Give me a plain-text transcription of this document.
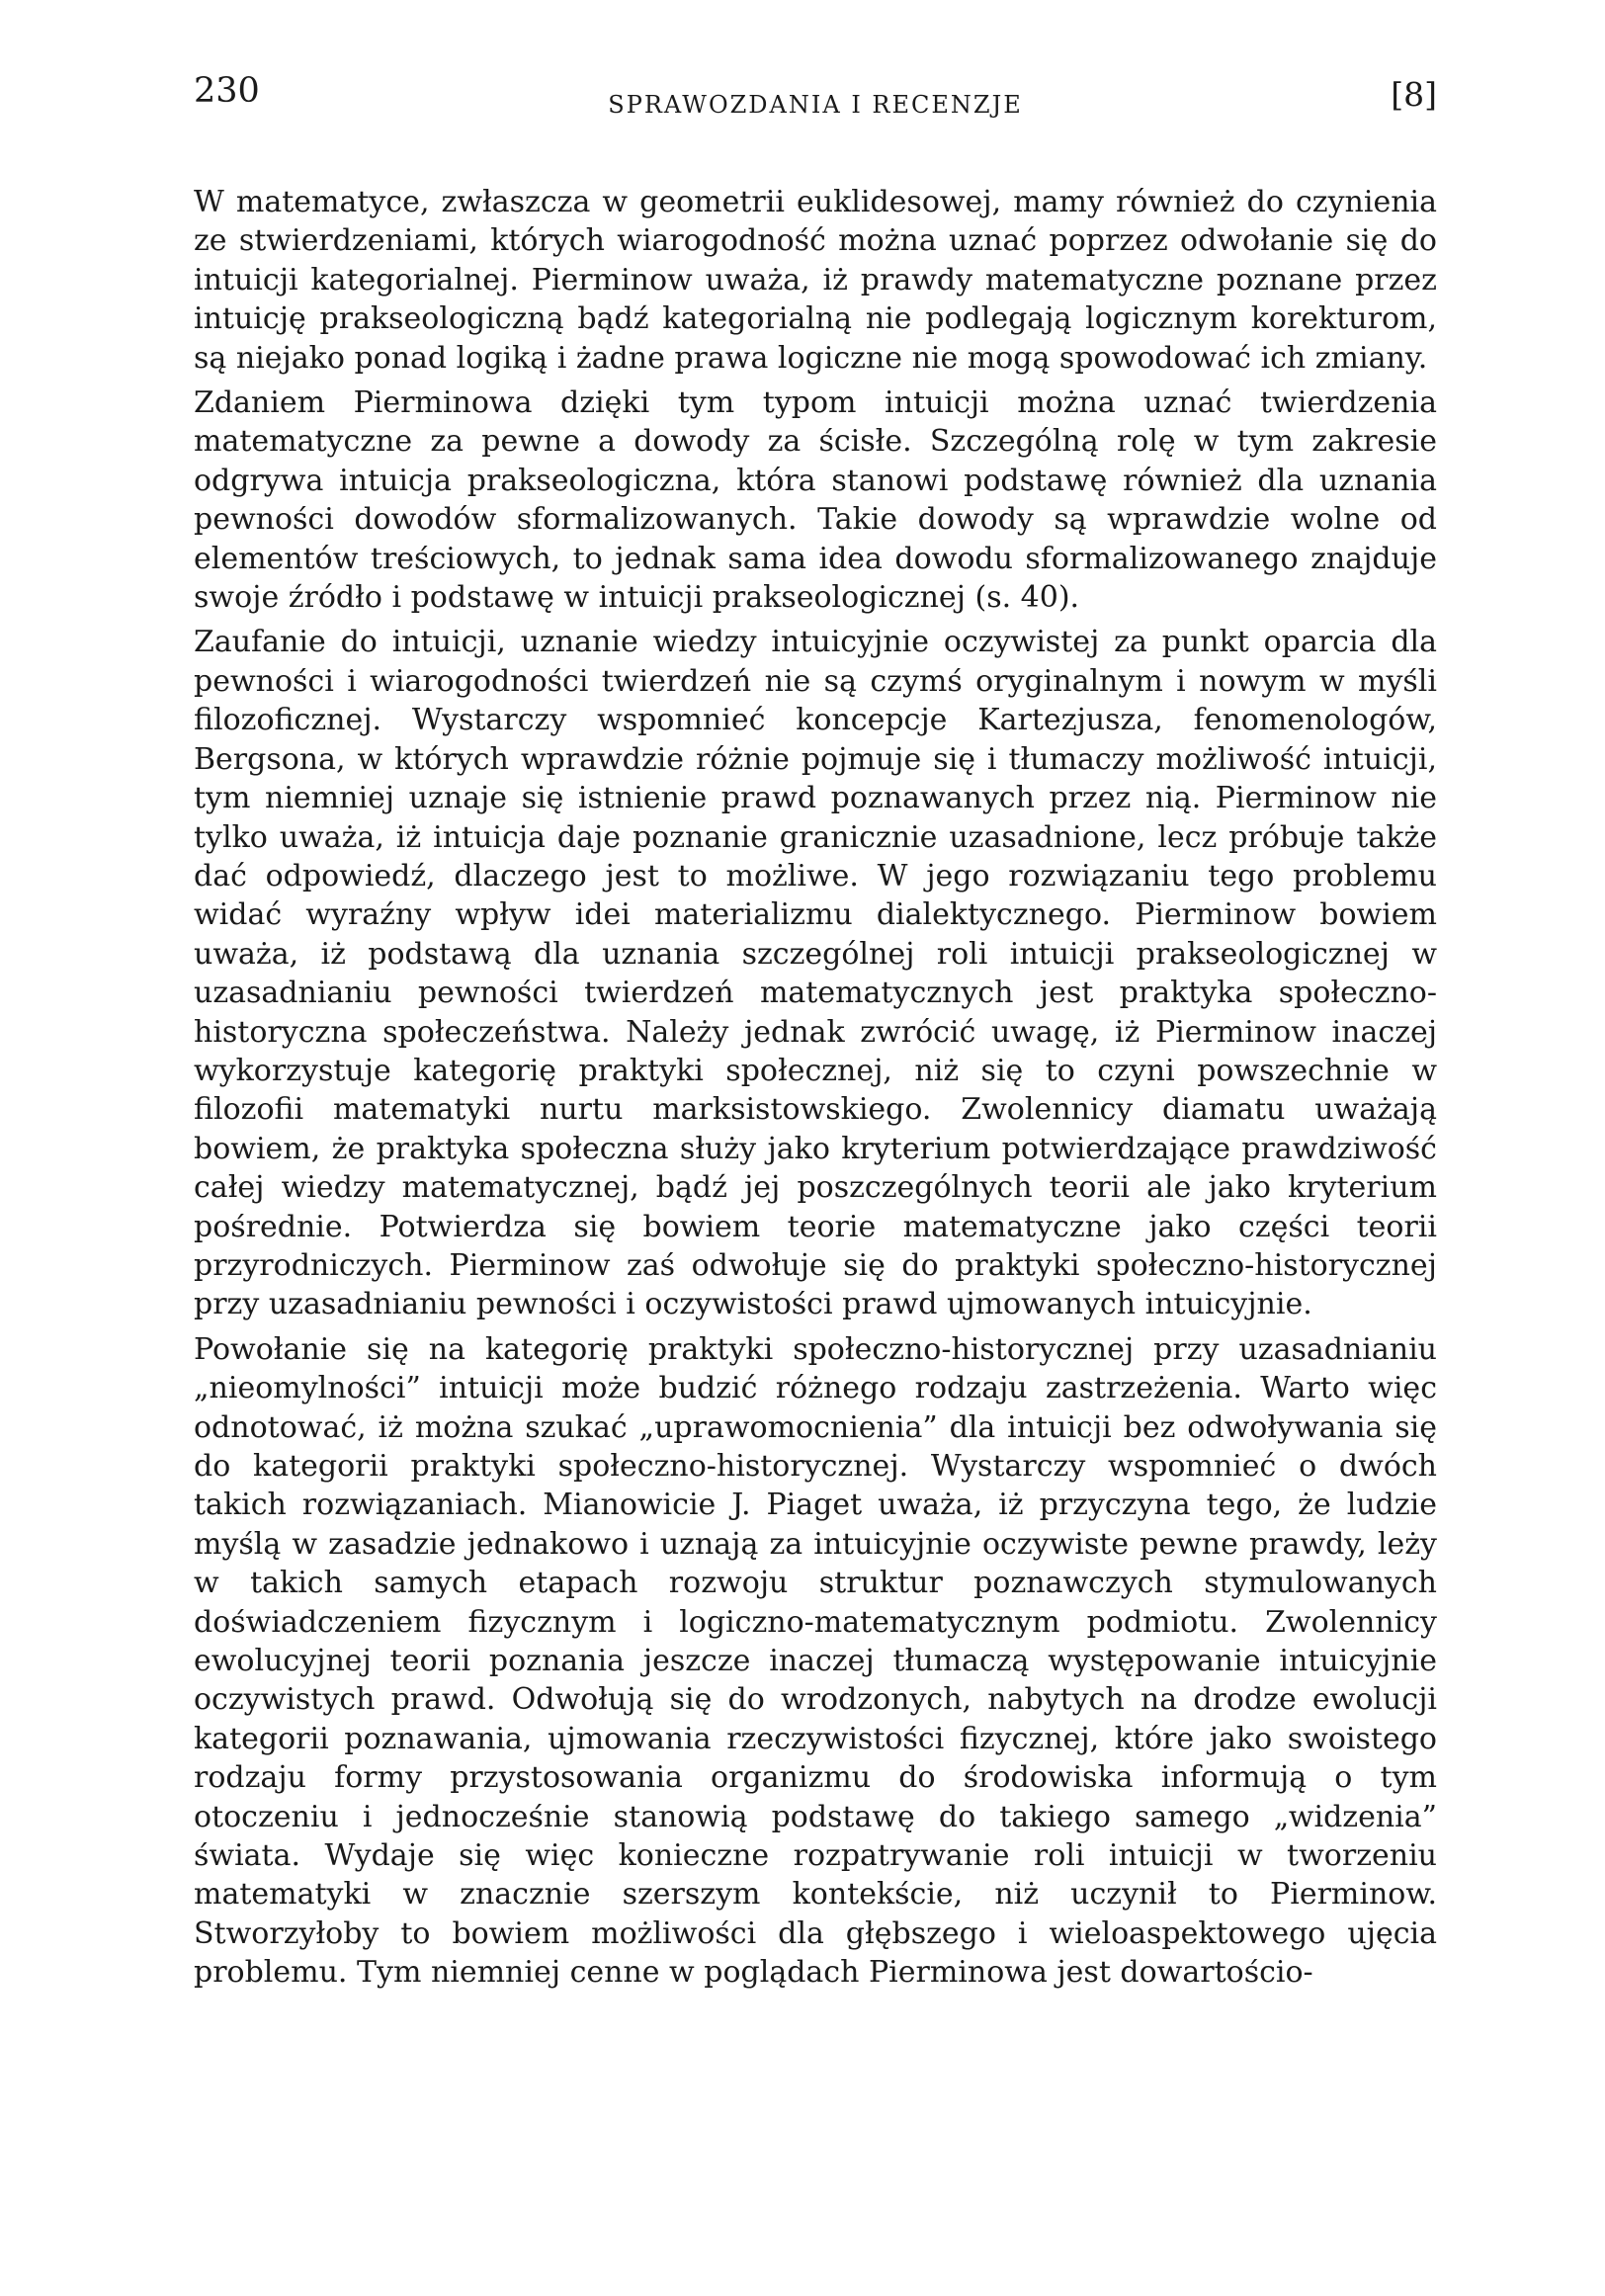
230	SPRAWOZDANIA I RECENZJE	[8]

W matematyce, zwłaszcza w geometrii euklidesowej, mamy również do czynienia ze stwierdzeniami, których wiarogodność można uznać poprzez odwołanie się do intuicji kategorialnej. Pierminow uważa, iż prawdy matematyczne poznane przez intuicję prakseologiczną bądź kategorialną nie podlegają logicznym korekturom, są niejako ponad logiką i żadne prawa logiczne nie mogą spowodować ich zmiany.

Zdaniem Pierminowa dzięki tym typom intuicji można uznać twierdzenia matematyczne za pewne a dowody za ścisłe. Szczególną rolę w tym zakresie odgrywa intuicja prakseologiczna, która stanowi podstawę również dla uznania pewności dowodów sformalizowanych. Takie dowody są wprawdzie wolne od elementów treściowych, to jednak sama idea dowodu sformalizowanego znajduje swoje źródło i podstawę w intuicji prakseologicznej (s. 40).

Zaufanie do intuicji, uznanie wiedzy intuicyjnie oczywistej za punkt oparcia dla pewności i wiarogodności twierdzeń nie są czymś oryginalnym i nowym w myśli filozoficznej. Wystarczy wspomnieć koncepcje Kartezjusza, fenomenologów, Bergsona, w których wprawdzie różnie pojmuje się i tłumaczy możliwość intuicji, tym niemniej uznaje się istnienie prawd poznawanych przez nią. Pierminow nie tylko uważa, iż intuicja daje poznanie granicznie uzasadnione, lecz próbuje także dać odpowiedź, dlaczego jest to możliwe. W jego rozwiązaniu tego problemu widać wyraźny wpływ idei materializmu dialektycznego. Pierminow bowiem uważa, iż podstawą dla uznania szczególnej roli intuicji prakseologicznej w uzasadnianiu pewności twierdzeń matematycznych jest praktyka społeczno-historyczna społeczeństwa. Należy jednak zwrócić uwagę, iż Pierminow inaczej wykorzystuje kategorię praktyki społecznej, niż się to czyni powszechnie w filozofii matematyki nurtu marksistowskiego. Zwolennicy diamatu uważają bowiem, że praktyka społeczna służy jako kryterium potwierdzające prawdziwość całej wiedzy matematycznej, bądź jej poszczególnych teorii ale jako kryterium pośrednie. Potwierdza się bowiem teorie matematyczne jako części teorii przyrodniczych. Pierminow zaś odwołuje się do praktyki społeczno-historycznej przy uzasadnianiu pewności i oczywistości prawd ujmowanych intuicyjnie.

Powołanie się na kategorię praktyki społeczno-historycznej przy uzasadnianiu „nieomylności” intuicji może budzić różnego rodzaju zastrzeżenia. Warto więc odnotować, iż można szukać „uprawomocnienia” dla intuicji bez odwoływania się do kategorii praktyki społeczno-historycznej. Wystarczy wspomnieć o dwóch takich rozwiązaniach. Mianowicie J. Piaget uważa, iż przyczyna tego, że ludzie myślą w zasadzie jednakowo i uznają za intuicyjnie oczywiste pewne prawdy, leży w takich samych etapach rozwoju struktur poznawczych stymulowanych doświadczeniem fizycznym i logiczno-matematycznym podmiotu. Zwolennicy ewolucyjnej teorii poznania jeszcze inaczej tłumaczą występowanie intuicyjnie oczywistych prawd. Odwołują się do wrodzonych, nabytych na drodze ewolucji kategorii poznawania, ujmowania rzeczywistości fizycznej, które jako swoistego rodzaju formy przystosowania organizmu do środowiska informują o tym otoczeniu i jednocześnie stanowią podstawę do takiego samego „widzenia” świata. Wydaje się więc konieczne rozpatrywanie roli intuicji w tworzeniu matematyki w znacznie szerszym kontekście, niż uczynił to Pierminow. Stworzyłoby to bowiem możliwości dla głębszego i wieloaspektowego ujęcia problemu. Tym niemniej cenne w poglądach Pierminowa jest dowartościo-
